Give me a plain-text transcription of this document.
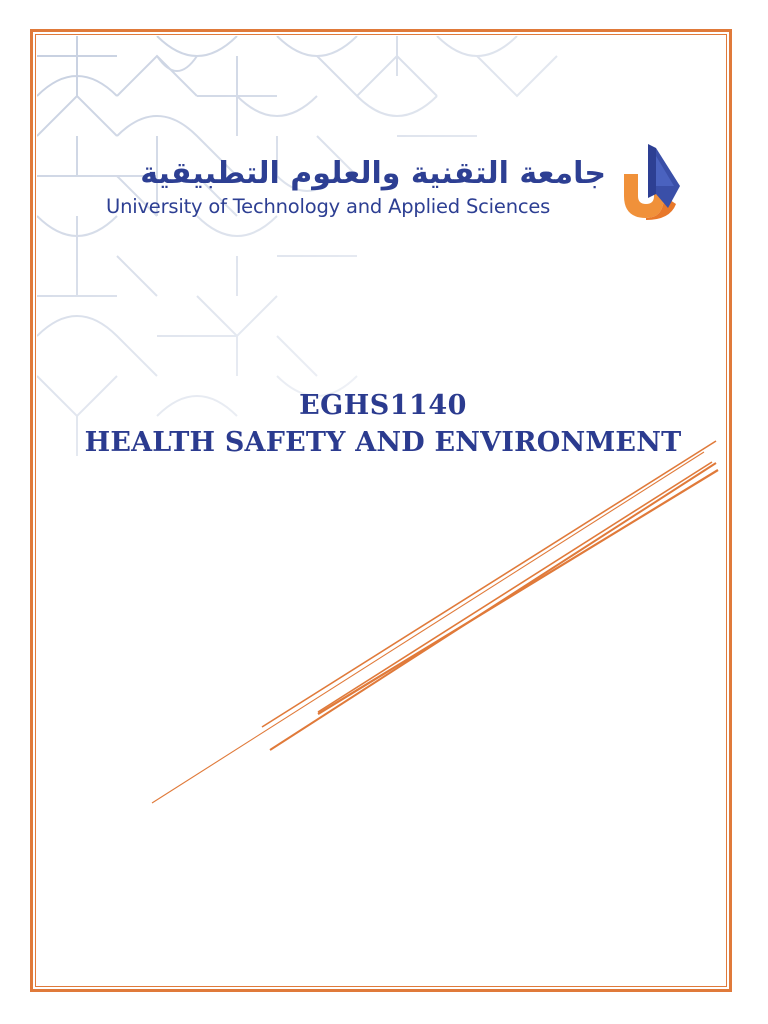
جامعة التقنية والعلوم التطبيقية
University of Technology and Applied Sciences
EGHS1140
HEALTH SAFETY AND ENVIRONMENT
